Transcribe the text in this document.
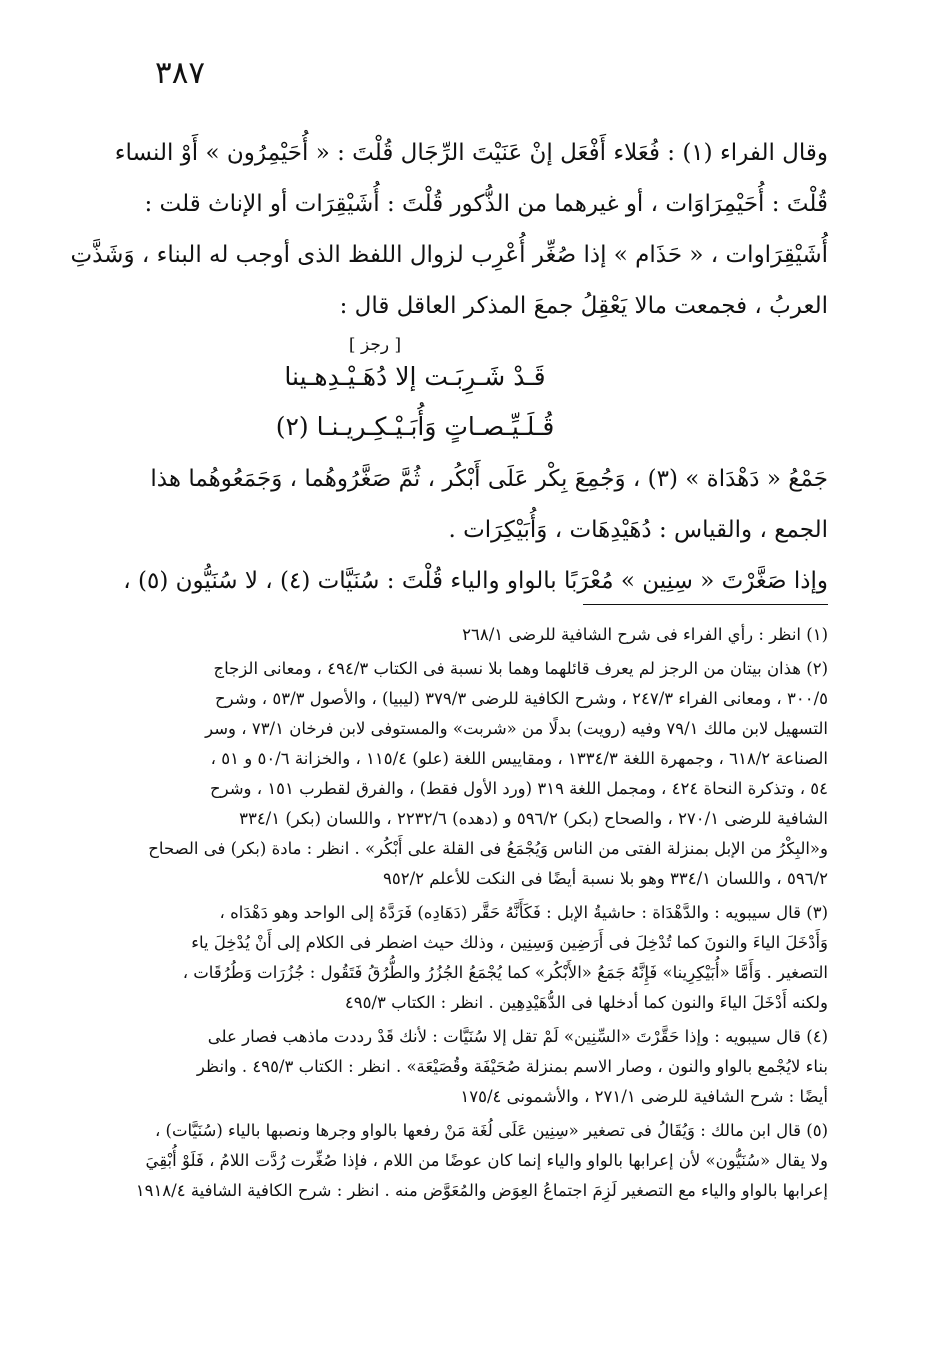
٣٨٧

وقال الفراء (١) : فُعَلاء أَفْعَل إنْ عَنَيْتَ الرِّجَال قُلْتَ : « أُحَيْمِرُون » أَوْ النساء

قُلْتَ : أُحَيْمِرَاوَات ، أو غيرهما من الذُّكور قُلْتَ : أُشَيْقِرَات أو الإناث قلت :

أُشَيْقِرَاوات ، « حَذَام » إذا صُغِّر أُعْرِب لزوال اللفظ الذى أوجب له البناء ، وَشَذَّتِ

العربُ ، فجمعت مالا يَعْقِلُ جمعَ المذكر العاقل قال :

[ رجز ]
قَـدْ شَـرِبَـت إلا دُهَـيْـدِهـينا
قُـلَـيِّـصـاتٍ وَأُبَـيْـكِـريـنـا (٢)

جَمْعُ « دَهْدَاة » (٣) ، وَجُمِعَ بِكْر عَلَى أَبْكُر ، ثُمَّ صَغَّرُوهُما ، وَجَمَعُوهُما هذا

الجمع ، والقياس : دُهَيْدِهَات ، وَأُبَيْكِرَات .

وإذا صَغَّرْتَ « سِنِين » مُعْرَبًا بالواو والياء قُلْتَ : سُنَيَّات (٤) ، لا سُنَيُّون (٥) ،

(١) انظر : رأي الفراء فى شرح الشافية للرضى ٢٦٨/١

(٢) هذان بيتان من الرجز لم يعرف قائلهما وهما بلا نسبة فى الكتاب ٤٩٤/٣ ، ومعانى الزجاج

٣٠٠/٥ ، ومعانى الفراء ٢٤٧/٣ ، وشرح الكافية للرضى ٣٧٩/٣ (ليبيا) ، والأصول ٥٣/٣ ، وشرح

التسهيل لابن مالك ٧٩/١ وفيه (رويت) بدلًا من «شربت» والمستوفى لابن فرخان ٧٣/١ ، وسر

الصناعة ٦١٨/٢ ، وجمهرة اللغة ١٣٣٤/٣ ، ومقاييس اللغة (علو) ١١٥/٤ ، والخزانة ٥٠/٦ و ٥١ ،

٥٤ ، وتذكرة النحاة ٤٢٤ ، ومجمل اللغة ٣١٩ (ورد الأول فقط) ، والفرق لقطرب ١٥١ ، وشرح

الشافية للرضى ٢٧٠/١ ، والصحاح (بكر) ٥٩٦/٢ و (دهده) ٢٢٣٢/٦ ، واللسان (بكر) ٣٣٤/١

و«البِكْرُ من الإبل بمنزلة الفتى من الناس وَيُجْمَعُ فى القلة على أَبْكُر» . انظر : مادة (بكر) فى الصحاح

٥٩٦/٢ ، واللسان ٣٣٤/١ وهو بلا نسبة أيضًا فى النكت للأعلم ٩٥٢/٢

(٣) قال سيبويه : والدَّهْدَاة : حاشيةُ الإبل : فَكَأَنَّهُ حَقَّر (دَهَادِه) فَرَدَّهُ إلى الواحد وهو دَهْدَاه ،

وَأَدْخَلَ الياءَ والنونَ كما تُدْخِلَ فى أَرَضِين وَسِنِين ، وذلك حيث اضطر فى الكلام إلى أَنْ يُدْخِلَ ياء

التصغير . وَأَمَّا «أُبَيْكِرِينا» فَإِنَّهُ جَمَعُ «الأَبْكُر» كما يُجْمَعُ الجُزُرُ والطُّرُقُ فَتَقُول : جُزُرَات وَطُرُقَات ،

ولكنه أَدْخَلَ الياءَ والنون كما أدخلها فى الدُّهَيْدِهِين . انظر : الكتاب ٤٩٥/٣

(٤) قال سيبويه : وإذا حَقَّرْتَ «السِّنِين» لَمْ تقل إلا سُنَيَّات : لأنك قَدْ رددت ماذهب فصار على

بناء لايُجْمع بالواو والنون ، وصار الاسم بمنزلة صُحَيْفَة وقُصَيْعَة» . انظر : الكتاب ٤٩٥/٣ . وانظر

أيضًا : شرح الشافية للرضى ٢٧١/١ ، والأشمونى ١٧٥/٤

(٥) قال ابن مالك : وَيُقَالُ فى تصغير «سِنِين عَلَى لُغَة مَنْ رفعها بالواو وجرها ونصبها بالياء (سُنَيَّات) ،

ولا يقال «سُنَيُّون» لأن إعرابها بالواو والياء إنما كان عوضًا من اللام ، فإذا صُغِّرت رُدَّت اللامُ ، فَلَوْ أُبْقِيَ

إعرابها بالواو والياء مع التصغير لَزِمَ اجتماعُ العِوَض والمُعَوَّض منه . انظر : شرح الكافية الشافية ١٩١٨/٤
